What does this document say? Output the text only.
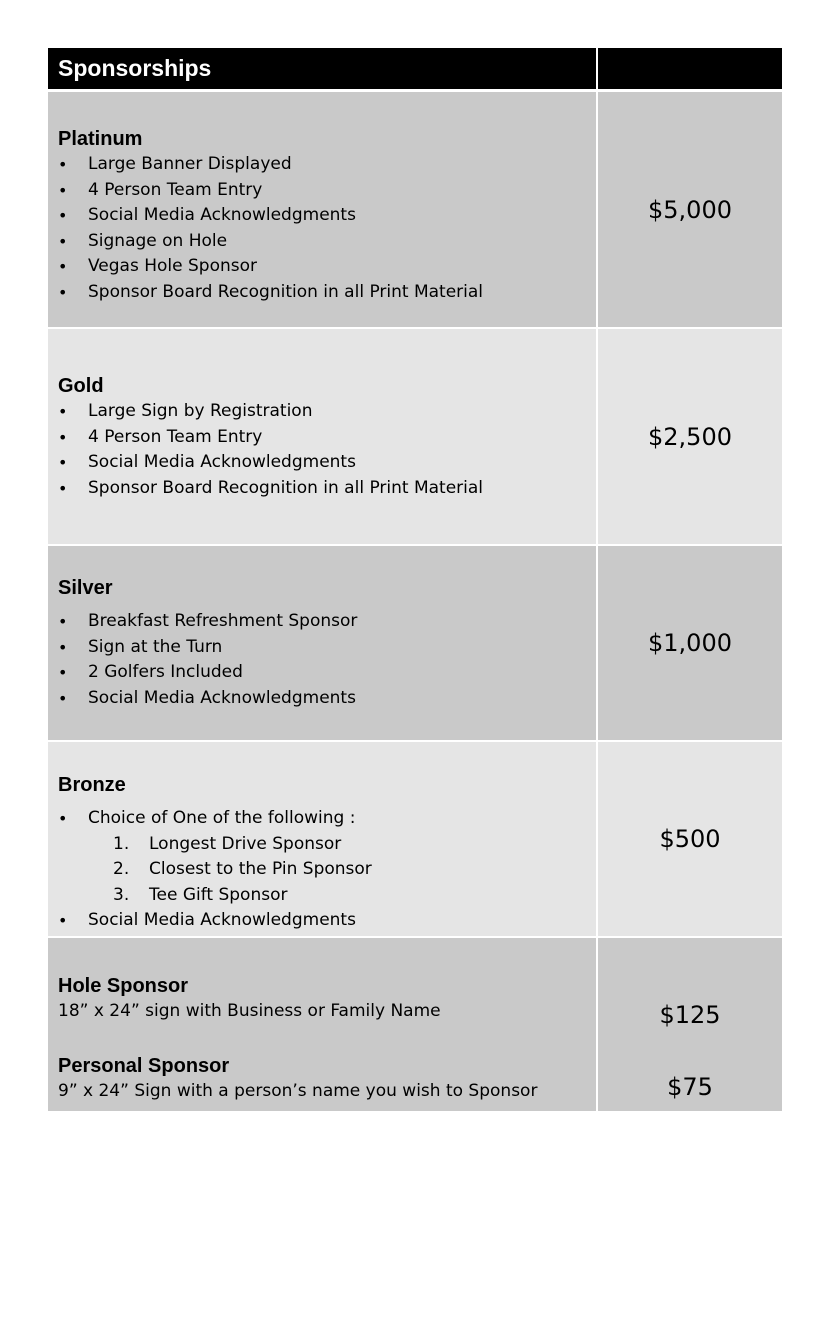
Sponsorships
Platinum
• Large Banner Displayed
• 4 Person Team Entry
• Social Media Acknowledgments
• Signage on Hole
• Vegas Hole Sponsor
• Sponsor Board Recognition in all Print Material
$5,000
Gold
• Large Sign by Registration
• 4 Person Team Entry
• Social Media Acknowledgments
• Sponsor Board Recognition in all Print Material
$2,500
Silver
• Breakfast Refreshment Sponsor
• Sign at the Turn
• 2 Golfers Included
• Social Media Acknowledgments
$1,000
Bronze
• Choice of One of the following :
1. Longest Drive Sponsor
2. Closest to the Pin Sponsor
3. Tee Gift Sponsor
• Social Media Acknowledgments
$500
Hole Sponsor
18” x 24” sign with Business or Family Name
Personal Sponsor
9” x 24” Sign with a person’s name you wish to Sponsor
$125
$75
